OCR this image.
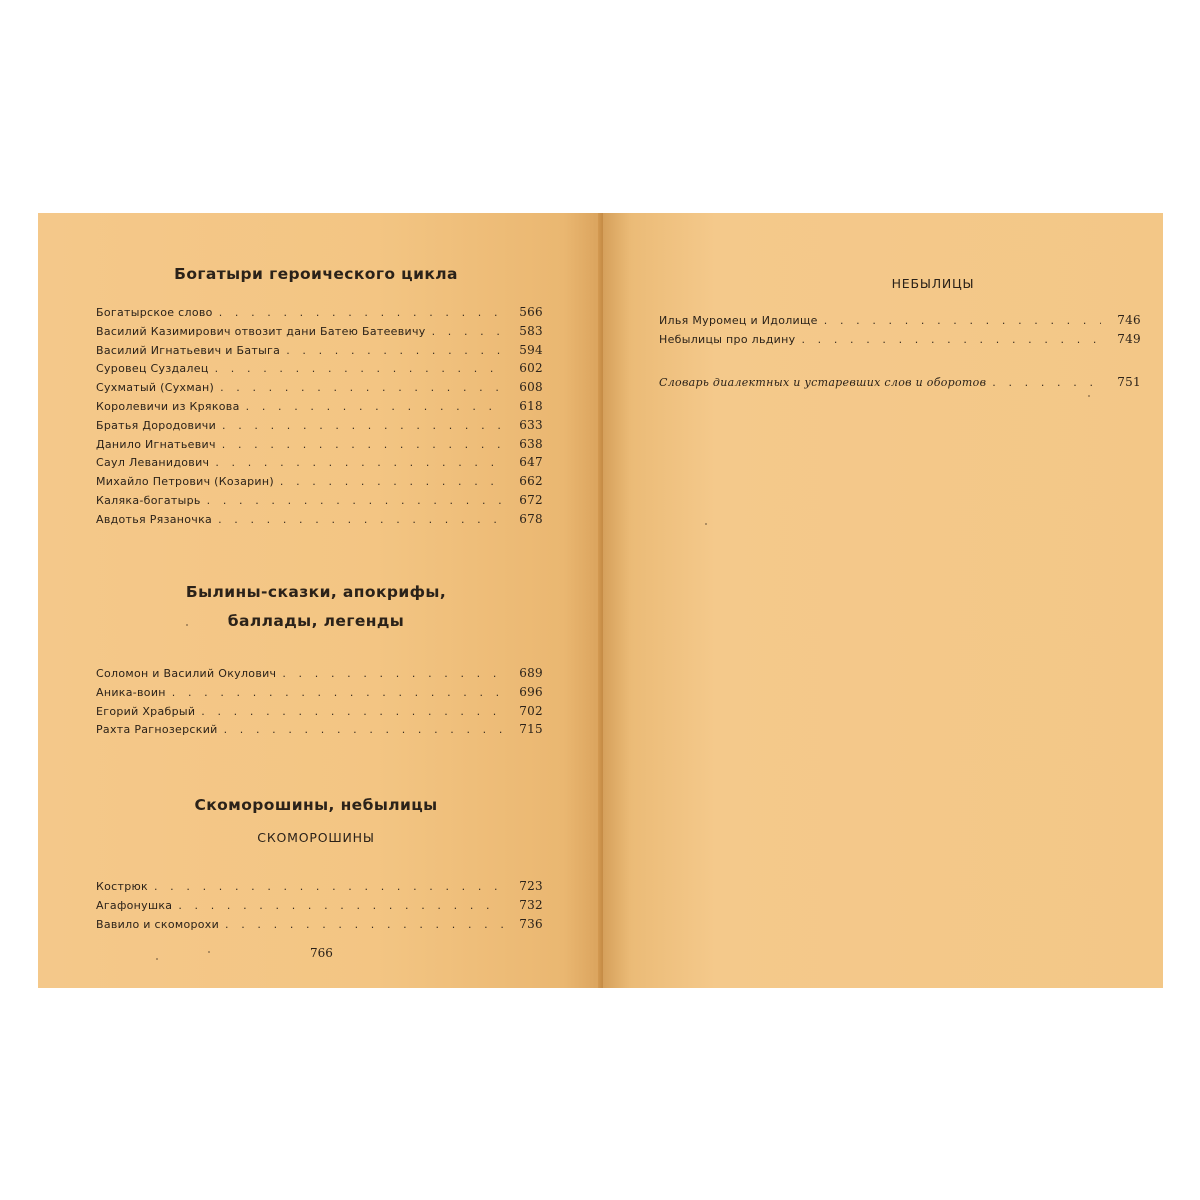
Богатыри героического цикла
Богатырское слово . . .	566
Василий Казимирович отвозит дани Батею Батеевичу . . .	583
Василий Игнатьевич и Батыга . . .	594
Суровец Суздалец . . .	602
Сухматый (Сухман) . . .	608
Королевичи из Крякова . . .	618
Братья Дородовичи . . .	633
Данило Игнатьевич . . .	638
Саул Леванидович . . .	647
Михайло Петрович (Козарин) . . .	662
Каляка-богатырь . . .	672
Авдотья Рязаночка . . .	678
Былины-сказки, апокрифы,
баллады, легенды
Соломон и Василий Окулович . . .	689
Аника-воин . . .	696
Егорий Храбрый . . .	702
Рахта Рагнозерский . . .	715
Скоморошины, небылицы

СКОМОРОШИНЫ

Кострюк . . .	723
Агафонушка . . .	732
Вавило и скоморохи . . .	736

766

НЕБЫЛИЦЫ

Илья Муромец и Идолище . . .	746
Небылицы про льдину . . .	749
Словарь диалектных и устаревших слов и оборотов . . .	751
